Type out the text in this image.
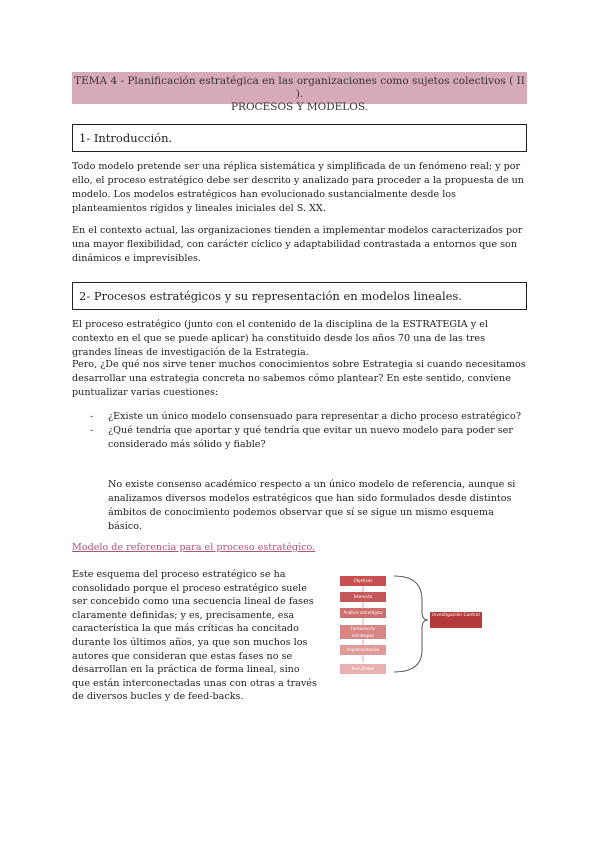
TEMA 4 - Planificación estratégica en las organizaciones como sujetos colectivos ( II ).
PROCESOS Y MODELOS.
1- Introducción.
Todo modelo pretende ser una réplica sistemática y simplificada de un fenómeno real; y por ello, el proceso estratégico debe ser descrito y analizado para proceder a la propuesta de un modelo. Los modelos estratégicos han evolucionado sustancialmente desde los planteamientos rígidos y lineales iniciales del S. XX.
En el contexto actual, las organizaciones tienden a implementar modelos caracterizados por una mayor flexibilidad, con carácter cíclico y adaptabilidad contrastada a entornos que son dinámicos e imprevisibles.
2- Procesos estratégicos y su representación en modelos lineales.
El proceso estratégico (junto con el contenido de la disciplina de la ESTRATEGIA y el contexto en el que se puede aplicar) ha constituido desde los años 70 una de las tres grandes líneas de investigación de la Estrategia.
Pero, ¿De qué nos sirve tener muchos conocimientos sobre Estrategia si cuando necesitamos desarrollar una estrategia concreta no sabemos cómo plantear? En este sentido, conviene puntualizar varias cuestiones:
- ¿Existe un único modelo consensuado para representar a dicho proceso estratégico?
- ¿Qué tendría que aportar y qué tendría que evitar un nuevo modelo para poder ser considerado más sólido y fiable?
No existe consenso académico respecto a un único modelo de referencia, aunque si analizamos diversos modelos estratégicos que han sido formulados desde distintos ámbitos de conocimiento podemos observar que sí se sigue un mismo esquema básico.
Modelo de referencia para el proceso estratégico.
Este esquema del proceso estratégico se ha consolidado porque el proceso estratégico suele ser concebido como una secuencia lineal de fases claramente definidas; y es, precisamente, esa característica la que más críticas ha concitado durante los últimos años, ya que son muchos los autores que consideran que estas fases no se desarrollan en la práctica de forma lineal, sino que están interconectadas unas con otras a través de diversos bucles y de feed-backs.
Objetivos
Intención
Análisis estratégico
Formulación estrategias
Implementación
Resultados
Investigación Control
